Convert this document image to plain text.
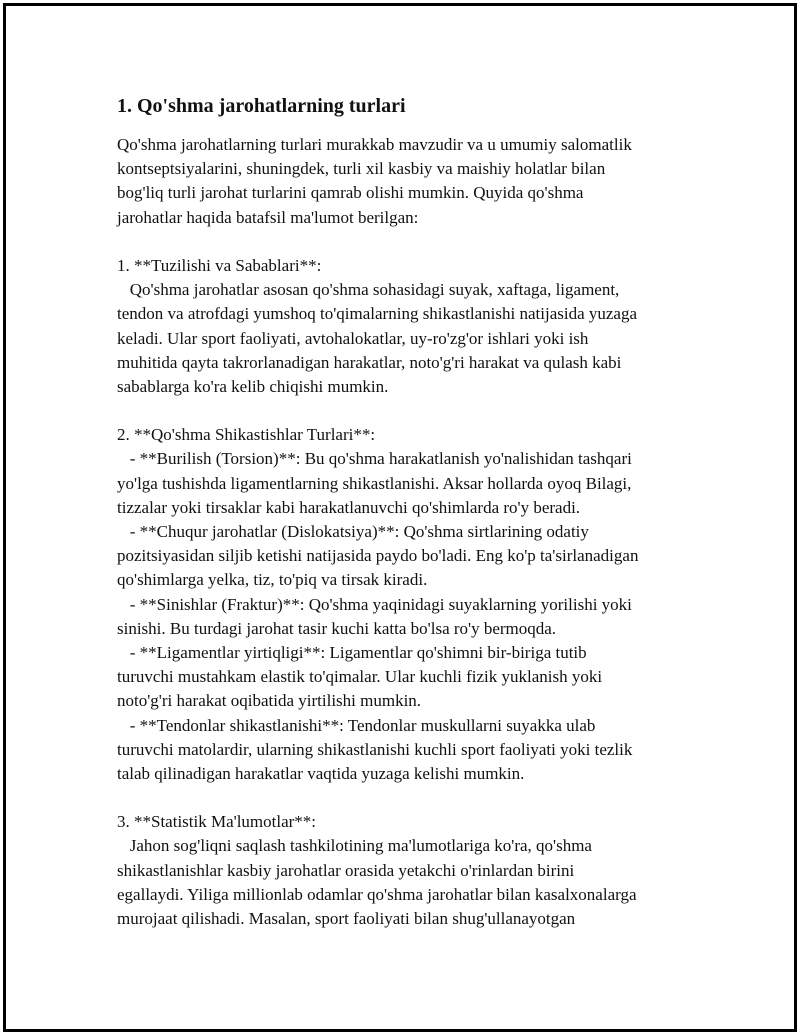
1. Qo'shma jarohatlarning turlari
Qo'shma jarohatlarning turlari murakkab mavzudir va u umumiy salomatlik
kontseptsiyalarini, shuningdek, turli xil kasbiy va maishiy holatlar bilan
bog'liq turli jarohat turlarini qamrab olishi mumkin. Quyida qo'shma
jarohatlar haqida batafsil ma'lumot berilgan:
1. **Tuzilishi va Sabablari**:
Qo'shma jarohatlar asosan qo'shma sohasidagi suyak, xaftaga, ligament,
tendon va atrofdagi yumshoq to'qimalarning shikastlanishi natijasida yuzaga
keladi. Ular sport faoliyati, avtohalokatlar, uy-ro'zg'or ishlari yoki ish
muhitida qayta takrorlanadigan harakatlar, noto'g'ri harakat va qulash kabi
sabablarga ko'ra kelib chiqishi mumkin.
2. **Qo'shma Shikastishlar Turlari**:
- **Burilish (Torsion)**: Bu qo'shma harakatlanish yo'nalishidan tashqari
yo'lga tushishda ligamentlarning shikastlanishi. Aksar hollarda oyoq Bilagi,
tizzalar yoki tirsaklar kabi harakatlanuvchi qo'shimlarda ro'y beradi.
- **Chuqur jarohatlar (Dislokatsiya)**: Qo'shma sirtlarining odatiy
pozitsiyasidan siljib ketishi natijasida paydo bo'ladi. Eng ko'p ta'sirlanadigan
qo'shimlarga yelka, tiz, to'piq va tirsak kiradi.
- **Sinishlar (Fraktur)**: Qo'shma yaqinidagi suyaklarning yorilishi yoki
sinishi. Bu turdagi jarohat tasir kuchi katta bo'lsa ro'y bermoqda.
- **Ligamentlar yirtiqligi**: Ligamentlar qo'shimni bir-biriga tutib
turuvchi mustahkam elastik to'qimalar. Ular kuchli fizik yuklanish yoki
noto'g'ri harakat oqibatida yirtilishi mumkin.
- **Tendonlar shikastlanishi**: Tendonlar muskullarni suyakka ulab
turuvchi matolardir, ularning shikastlanishi kuchli sport faoliyati yoki tezlik
talab qilinadigan harakatlar vaqtida yuzaga kelishi mumkin.
3. **Statistik Ma'lumotlar**:
Jahon sog'liqni saqlash tashkilotining ma'lumotlariga ko'ra, qo'shma
shikastlanishlar kasbiy jarohatlar orasida yetakchi o'rinlardan birini
egallaydi. Yiliga millionlab odamlar qo'shma jarohatlar bilan kasalxonalarga
murojaat qilishadi. Masalan, sport faoliyati bilan shug'ullanayotgan
